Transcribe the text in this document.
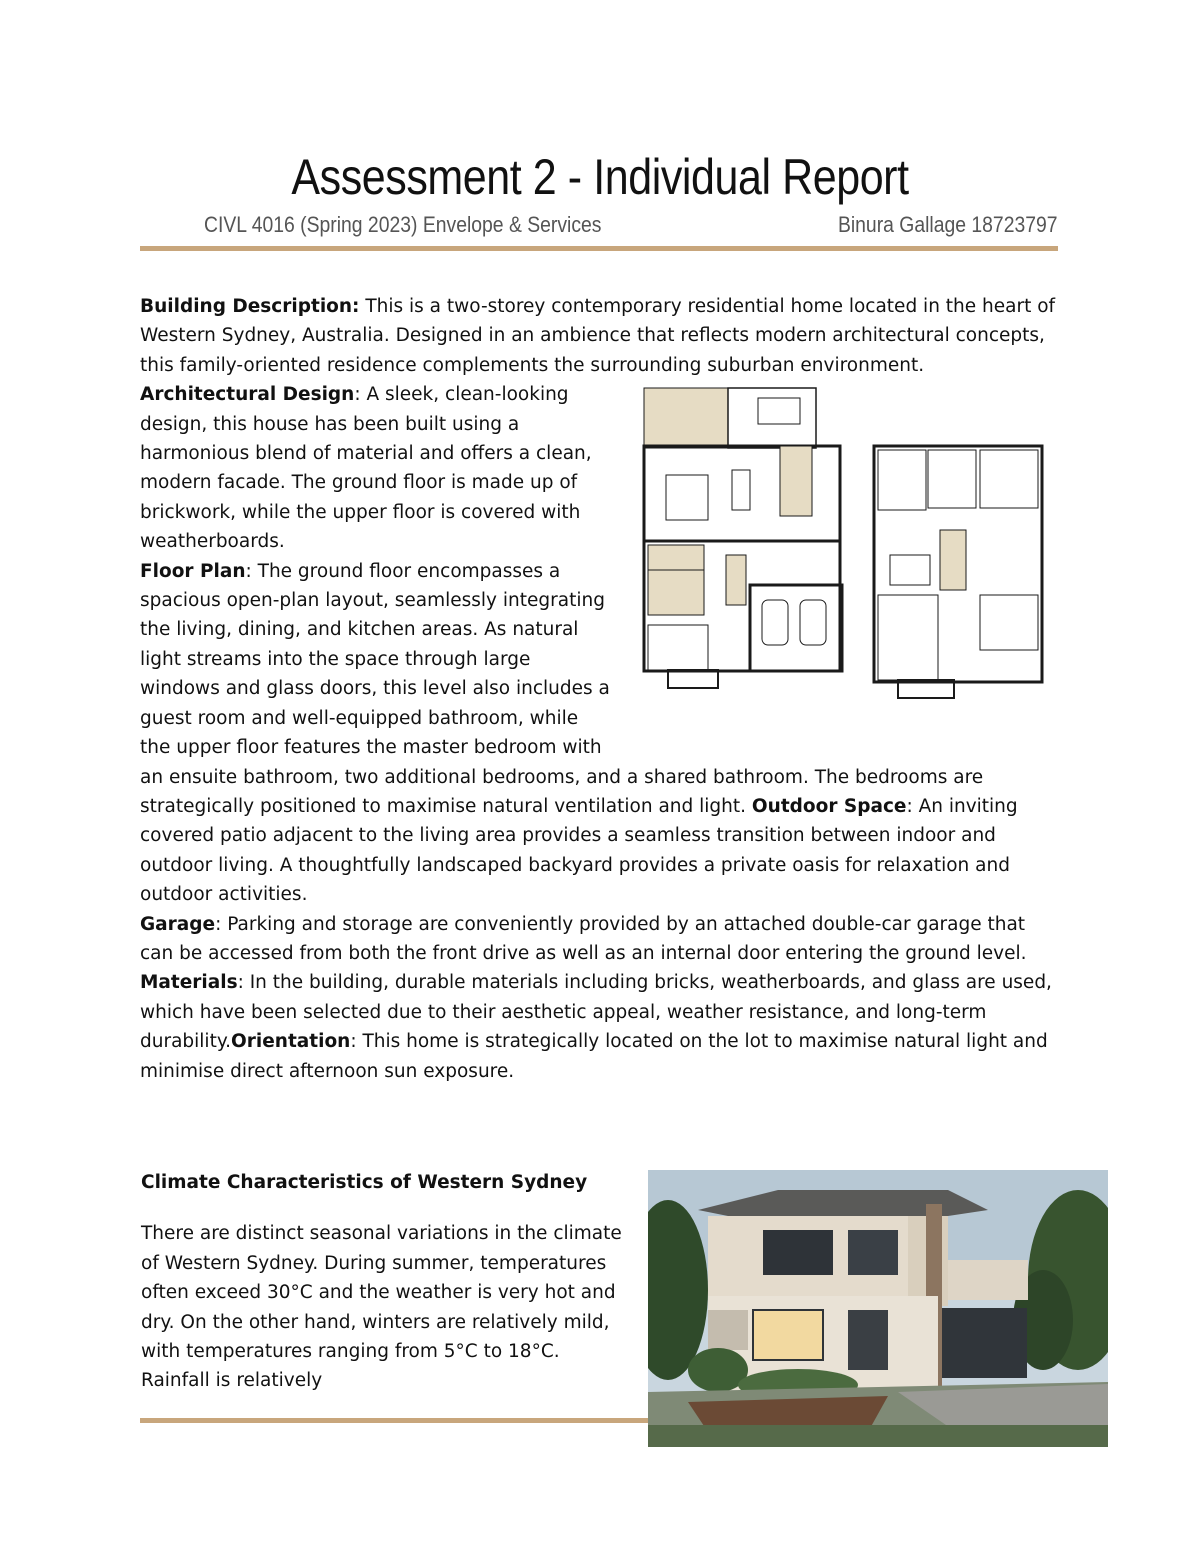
Assessment 2 - Individual Report
CIVL 4016 (Spring 2023) Envelope & Services	Binura Gallage 18723797

Building Description: This is a two-storey contemporary residential home located in the heart of Western Sydney, Australia. Designed in an ambience that reflects modern architectural concepts, this family-oriented residence complements the surrounding suburban environment.

Architectural Design: A sleek, clean-looking design, this house has been built using a harmonious blend of material and offers a clean, modern facade. The ground floor is made up of brickwork, while the upper floor is covered with weatherboards.

Floor Plan: The ground floor encompasses a spacious open-plan layout, seamlessly integrating the living, dining, and kitchen areas. As natural light streams into the space through large windows and glass doors, this level also includes a guest room and well-equipped bathroom, while the upper floor features the master bedroom with an ensuite bathroom, two additional bedrooms, and a shared bathroom. The bedrooms are strategically positioned to maximise natural ventilation and light. Outdoor Space: An inviting covered patio adjacent to the living area provides a seamless transition between indoor and outdoor living. A thoughtfully landscaped backyard provides a private oasis for relaxation and outdoor activities.

Garage: Parking and storage are conveniently provided by an attached double-car garage that can be accessed from both the front drive as well as an internal door entering the ground level.

Materials: In the building, durable materials including bricks, weatherboards, and glass are used, which have been selected due to their aesthetic appeal, weather resistance, and long-term durability.Orientation: This home is strategically located on the lot to maximise natural light and minimise direct afternoon sun exposure.

Climate Characteristics of Western Sydney

There are distinct seasonal variations in the climate of Western Sydney. During summer, temperatures often exceed 30°C and the weather is very hot and dry. On the other hand, winters are relatively mild, with temperatures ranging from 5°C to 18°C. Rainfall is relatively
